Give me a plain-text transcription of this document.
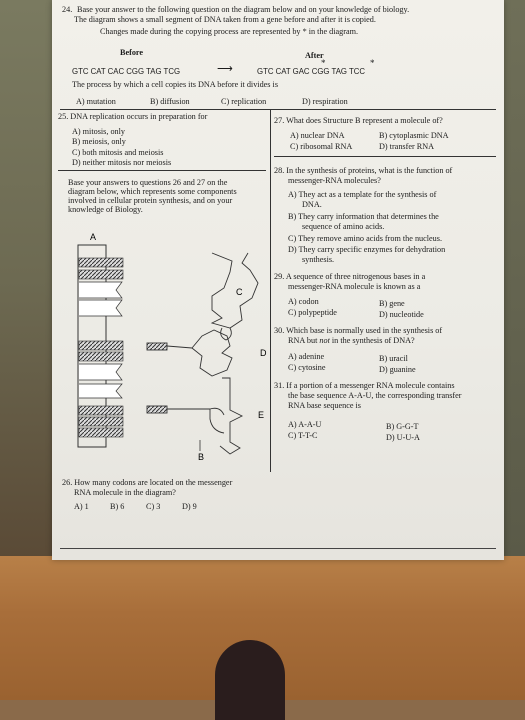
24. Base your answer to the following question on the diagram below and on your knowledge of biology.
The diagram shows a small segment of DNA taken from a gene before and after it is copied.
Changes made during the copying process are represented by * in the diagram.
Before	After
GTC CAT CAC CGG TAG TCG	⟶	GTC CAT GAC CGG TAG TCC
*	*
The process by which a cell copies its DNA before it divides is
A) mutation	B) diffusion	C) replication	D) respiration
25. DNA replication occurs in preparation for
A) mitosis, only
B) meiosis, only
C) both mitosis and meiosis
D) neither mitosis nor meiosis
Base your answers to questions 26 and 27 on the
diagram below, which represents some components
involved in cellular protein synthesis, and on your
knowledge of Biology.
A
C
D
E
B
26. How many codons are located on the messenger
RNA molecule in the diagram?
A) 1	B) 6	C) 3	D) 9
27. What does Structure B represent a molecule of?
A) nuclear DNA	B) cytoplasmic DNA
C) ribosomal RNA	D) transfer RNA
28. In the synthesis of proteins, what is the function of
messenger-RNA molecules?
A) They act as a template for the synthesis of
DNA.
B) They carry information that determines the
sequence of amino acids.
C) They remove amino acids from the nucleus.
D) They carry specific enzymes for dehydration
synthesis.
29. A sequence of three nitrogenous bases in a
messenger-RNA molecule is known as a
A) codon	B) gene
C) polypeptide	D) nucleotide
30. Which base is normally used in the synthesis of
RNA but not in the synthesis of DNA?
A) adenine	B) uracil
C) cytosine	D) guanine
31. If a portion of a messenger RNA molecule contains
the base sequence A-A-U, the corresponding transfer
RNA base sequence is
A) A-A-U	B) G-G-T
C) T-T-C	D) U-U-A
